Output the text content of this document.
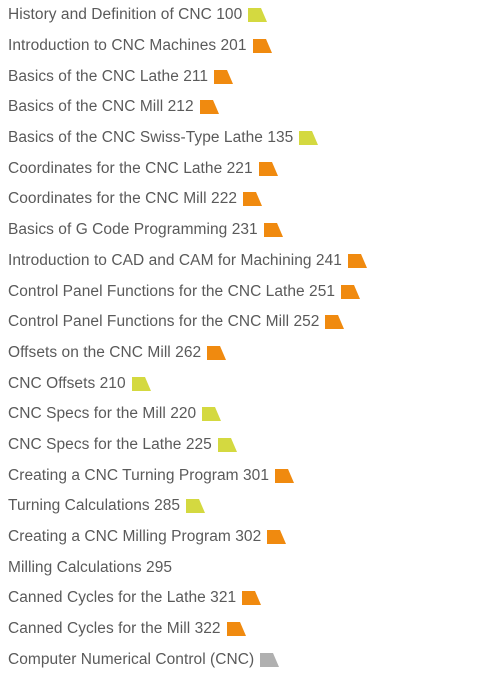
History and Definition of CNC 100
Introduction to CNC Machines 201
Basics of the CNC Lathe 211
Basics of the CNC Mill 212
Basics of the CNC Swiss-Type Lathe 135
Coordinates for the CNC Lathe 221
Coordinates for the CNC Mill 222
Basics of G Code Programming 231
Introduction to CAD and CAM for Machining 241
Control Panel Functions for the CNC Lathe 251
Control Panel Functions for the CNC Mill 252
Offsets on the CNC Mill 262
CNC Offsets 210
CNC Specs for the Mill 220
CNC Specs for the Lathe 225
Creating a CNC Turning Program 301
Turning Calculations 285
Creating a CNC Milling Program 302
Milling Calculations 295
Canned Cycles for the Lathe 321
Canned Cycles for the Mill 322
Computer Numerical Control (CNC)
